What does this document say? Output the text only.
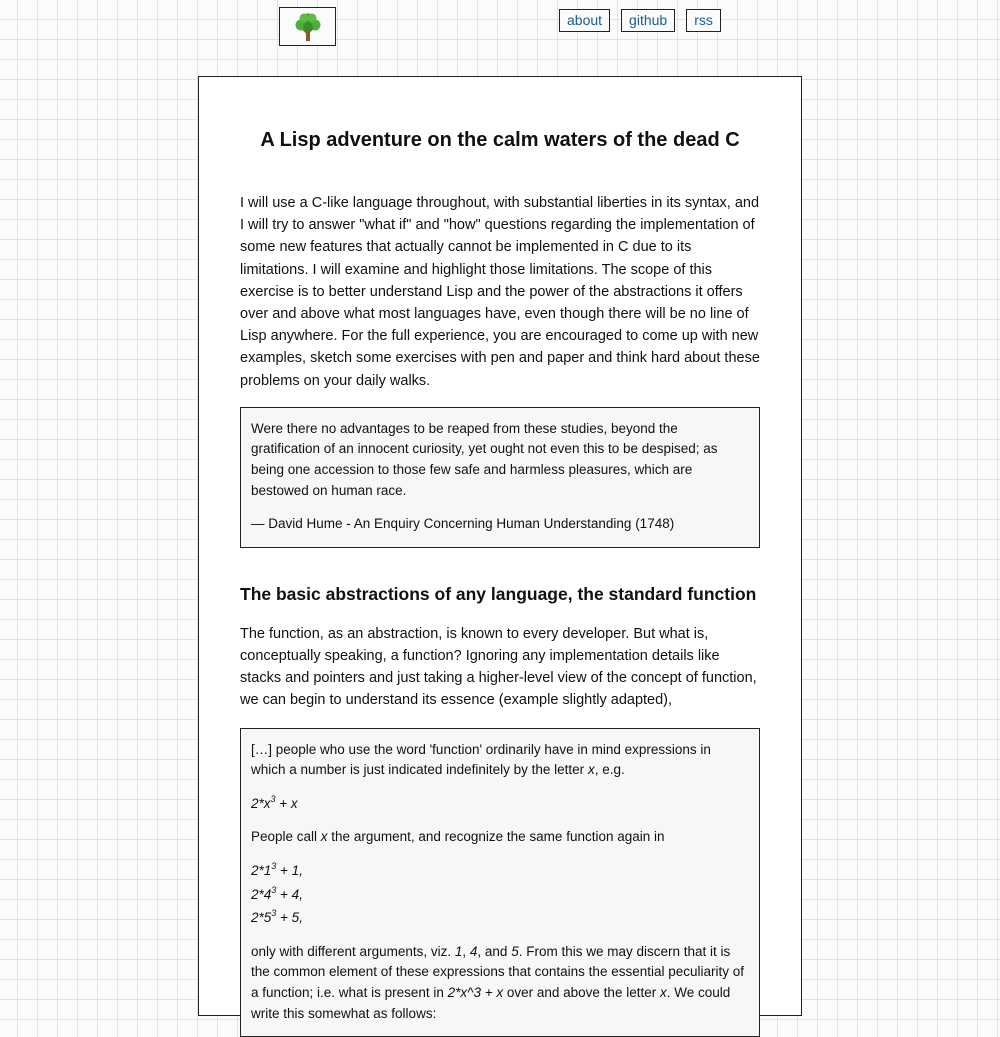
about	github	rss
A Lisp adventure on the calm waters of the dead C

I will use a C-like language throughout, with substantial liberties in its syntax, and I will try to answer "what if" and "how" questions regarding the implementation of some new features that actually cannot be implemented in C due to its limitations. I will examine and highlight those limitations. The scope of this exercise is to better understand Lisp and the power of the abstractions it offers over and above what most languages have, even though there will be no line of Lisp anywhere. For the full experience, you are encouraged to come up with new examples, sketch some exercises with pen and paper and think hard about these problems on your daily walks.

Were there no advantages to be reaped from these studies, beyond the gratification of an innocent curiosity, yet ought not even this to be despised; as being one accession to those few safe and harmless pleasures, which are bestowed on human race.

— David Hume - An Enquiry Concerning Human Understanding (1748)

The basic abstractions of any language, the standard function

The function, as an abstraction, is known to every developer. But what is, conceptually speaking, a function? Ignoring any implementation details like stacks and pointers and just taking a higher-level view of the concept of function, we can begin to understand its essence (example slightly adapted),

[…] people who use the word 'function' ordinarily have in mind expressions in which a number is just indicated indefinitely by the letter x, e.g.

$2*x^3 + x$

People call x the argument, and recognize the same function again in

$2*1^3 + 1$,

$2*4^3 + 4$,

$2*5^3 + 5$,

only with different arguments, viz. 1, 4, and 5. From this we may discern that it is the common element of these expressions that contains the essential peculiarity of a function; i.e. what is present in 2*x^3 + x over and above the letter x. We could write this somewhat as follows:
